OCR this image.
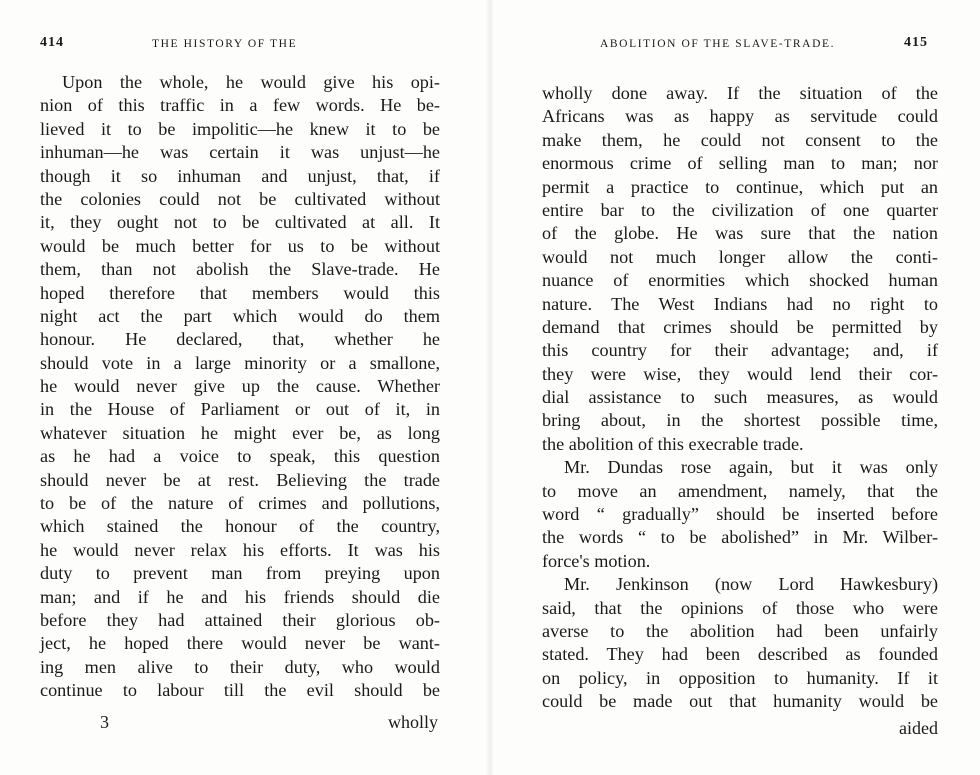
414	THE HISTORY OF THE	ABOLITION OF THE SLAVE-TRADE.	415
Upon the whole, he would give his opi-
nion of this traffic in a few words. He be-
lieved it to be impolitic—he knew it to be
inhuman—he was certain it was unjust—he
though it so inhuman and unjust, that, if
the colonies could not be cultivated without
it, they ought not to be cultivated at all. It
would be much better for us to be without
them, than not abolish the Slave-trade. He
hoped therefore that members would this
night act the part which would do them
honour. He declared, that, whether he
should vote in a large minority or a smallone,
he would never give up the cause. Whether
in the House of Parliament or out of it, in
whatever situation he might ever be, as long
as he had a voice to speak, this question
should never be at rest. Believing the trade
to be of the nature of crimes and pollutions,
which stained the honour of the country,
he would never relax his efforts. It was his
duty to prevent man from preying upon
man; and if he and his friends should die
before they had attained their glorious ob-
ject, he hoped there would never be want-
ing men alive to their duty, who would
continue to labour till the evil should be
wholly done away. If the situation of the
Africans was as happy as servitude could
make them, he could not consent to the
enormous crime of selling man to man; nor
permit a practice to continue, which put an
entire bar to the civilization of one quarter
of the globe. He was sure that the nation
would not much longer allow the conti-
nuance of enormities which shocked human
nature. The West Indians had no right to
demand that crimes should be permitted by
this country for their advantage; and, if
they were wise, they would lend their cor-
dial assistance to such measures, as would
bring about, in the shortest possible time,
the abolition of this execrable trade.
Mr. Dundas rose again, but it was only
to move an amendment, namely, that the
word “ gradually” should be inserted before
the words “ to be abolished” in Mr. Wilber-
force's motion.
Mr. Jenkinson (now Lord Hawkesbury)
said, that the opinions of those who were
averse to the abolition had been unfairly
stated. They had been described as founded
on policy, in opposition to humanity. If it
could be made out that humanity would be
3	wholly	aided
